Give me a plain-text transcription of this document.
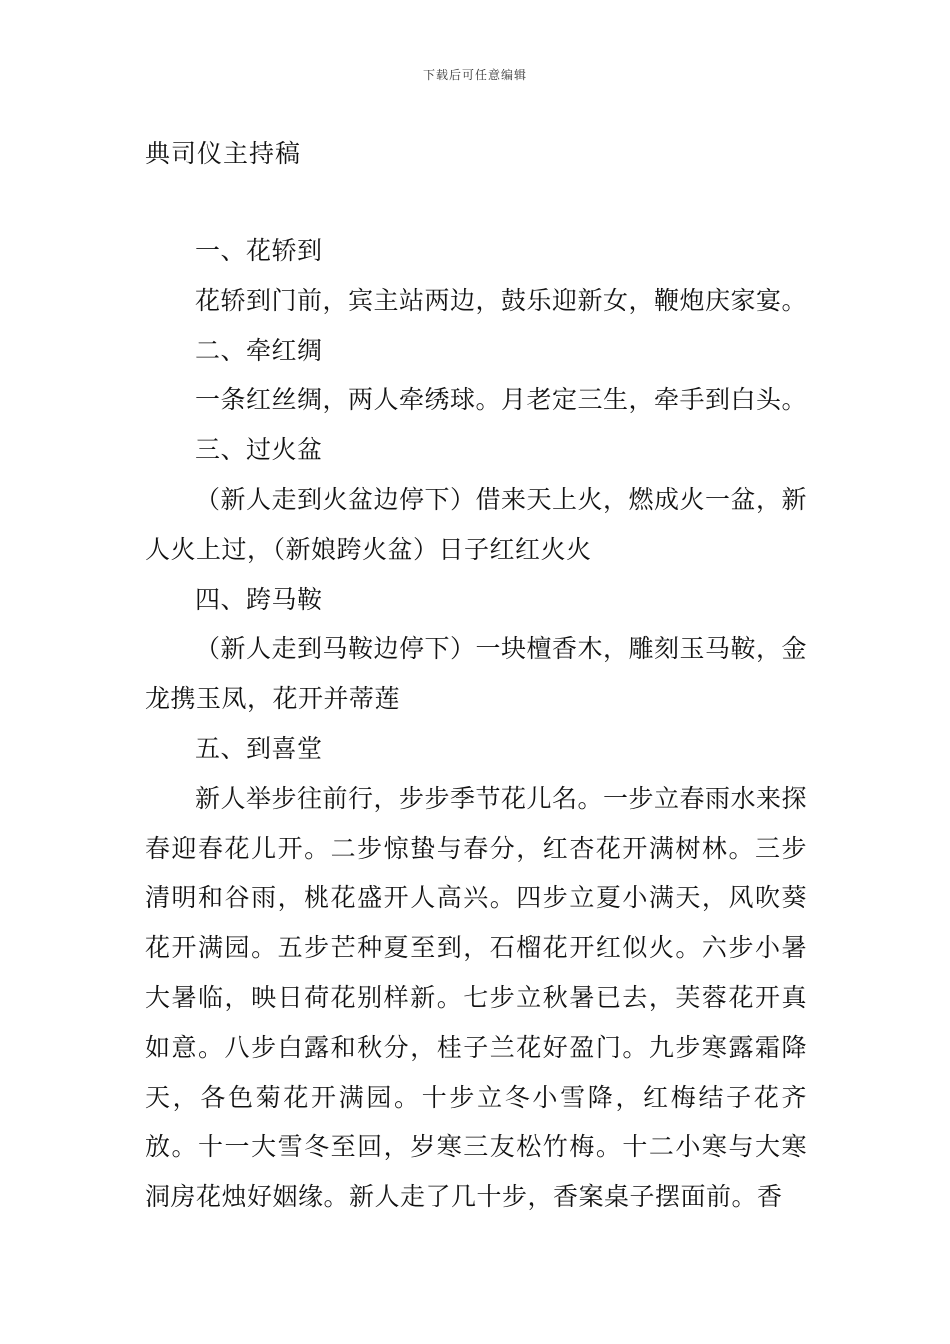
下载后可任意编辑
典司仪主持稿

一、花轿到

花轿到门前，宾主站两边，鼓乐迎新女，鞭炮庆家宴。

二、牵红绸

一条红丝绸，两人牵绣球。月老定三生，牵手到白头。

三、过火盆

（新人走到火盆边停下）借来天上火，燃成火一盆，新人火上过，（新娘跨火盆）日子红红火火

四、跨马鞍

（新人走到马鞍边停下）一块檀香木，雕刻玉马鞍，金龙携玉凤，花开并蒂莲

五、到喜堂

新人举步往前行，步步季节花儿名。一步立春雨水来探春迎春花儿开。二步惊蛰与春分，红杏花开满树林。三步清明和谷雨，桃花盛开人高兴。四步立夏小满天，风吹葵花开满园。五步芒种夏至到，石榴花开红似火。六步小暑大暑临，映日荷花别样新。七步立秋暑已去，芙蓉花开真如意。八步白露和秋分，桂子兰花好盈门。九步寒露霜降天，各色菊花开满园。十步立冬小雪降，红梅结子花齐放。十一大雪冬至回，岁寒三友松竹梅。十二小寒与大寒洞房花烛好姻缘。新人走了几十步，香案桌子摆面前。香
